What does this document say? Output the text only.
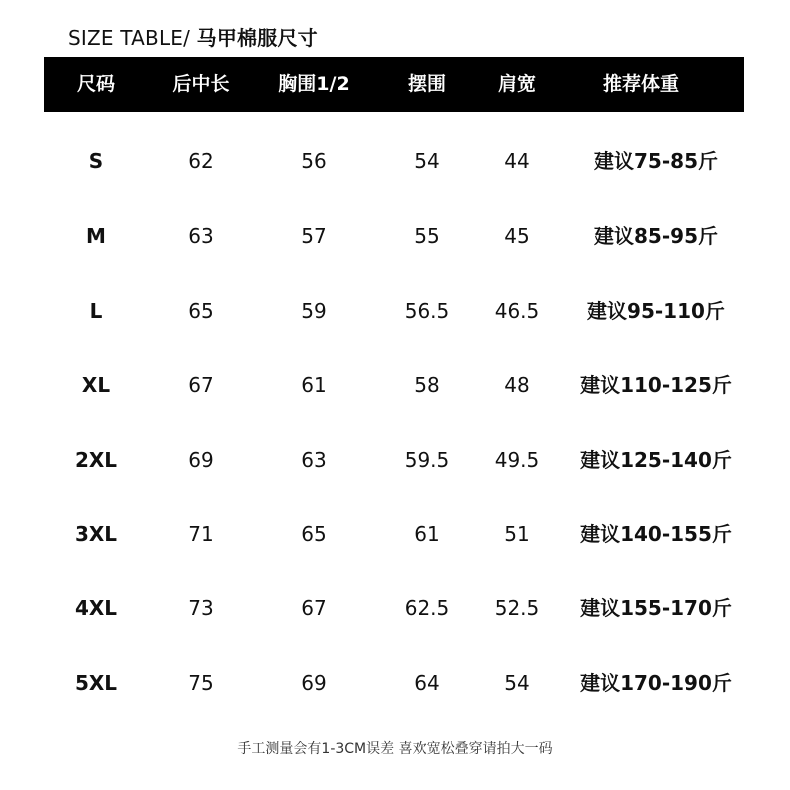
SIZE TABLE/ 马甲棉服尺寸
尺码	后中长	胸围1/2	摆围	肩宽	推荐体重
S	62	56	54	44	建议75-85斤
M	63	57	55	45	建议85-95斤
L	65	59	56.5	46.5	建议95-110斤
XL	67	61	58	48	建议110-125斤
2XL	69	63	59.5	49.5	建议125-140斤
3XL	71	65	61	51	建议140-155斤
4XL	73	67	62.5	52.5	建议155-170斤
5XL	75	69	64	54	建议170-190斤
手工测量会有1-3CM误差 喜欢宽松叠穿请拍大一码
